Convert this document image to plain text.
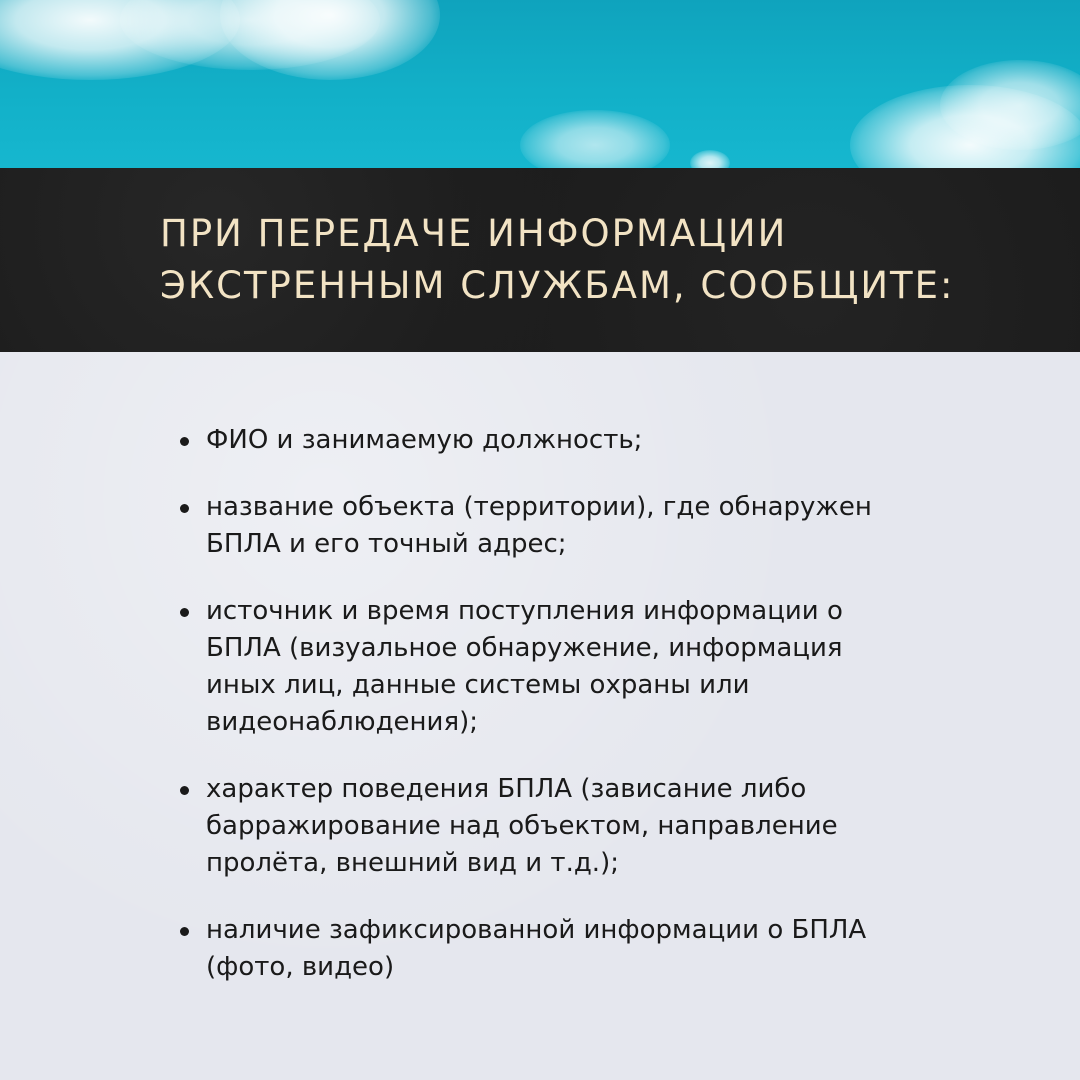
ПРИ ПЕРЕДАЧЕ ИНФОРМАЦИИ
ЭКСТРЕННЫМ СЛУЖБАМ, СООБЩИТЕ:
ФИО и занимаемую должность;
название объекта (территории), где обнаружен БПЛА и его точный адрес;
источник и время поступления информации о БПЛА (визуальное обнаружение, информация иных лиц, данные системы охраны или видеонаблюдения);
характер поведения БПЛА (зависание либо барражирование над объектом, направление пролёта, внешний вид и т.д.);
наличие зафиксированной информации о БПЛА (фото, видео)
